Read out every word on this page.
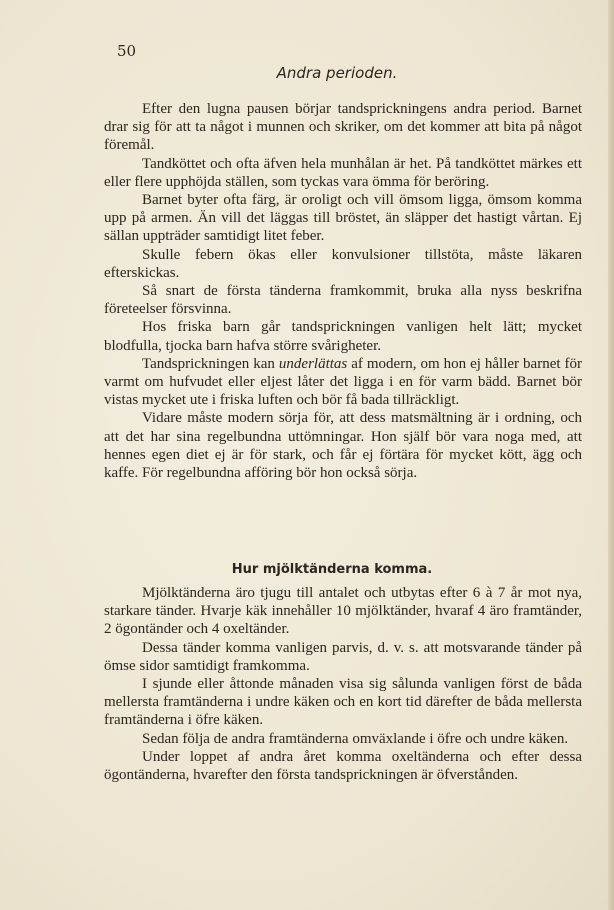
50
Andra perioden.

Efter den lugna pausen börjar tandsprickningens andra period. Barnet drar sig för att ta något i munnen och skriker, om det kommer att bita på något föremål.

Tandköttet och ofta äfven hela munhålan är het. På tandköttet märkes ett eller flere upphöjda ställen, som tyckas vara ömma för beröring.

Barnet byter ofta färg, är oroligt och vill ömsom ligga, ömsom komma upp på armen. Än vill det läggas till bröstet, än släpper det hastigt vårtan. Ej sällan uppträder samtidigt litet feber.

Skulle febern ökas eller konvulsioner tillstöta, måste läkaren efterskickas.

Så snart de första tänderna framkommit, bruka alla nyss beskrifna företeelser försvinna.

Hos friska barn går tandsprickningen vanligen helt lätt; mycket blodfulla, tjocka barn hafva större svårigheter.

Tandsprickningen kan underlättas af modern, om hon ej håller barnet för varmt om hufvudet eller eljest låter det ligga i en för varm bädd. Barnet bör vistas mycket ute i friska luften och bör få bada tillräckligt.

Vidare måste modern sörja för, att dess matsmältning är i ordning, och att det har sina regelbundna uttömningar. Hon själf bör vara noga med, att hennes egen diet ej är för stark, och får ej förtära för mycket kött, ägg och kaffe. För regelbundna afföring bör hon också sörja.

Hur mjölktänderna komma.

Mjölktänderna äro tjugu till antalet och utbytas efter 6 à 7 år mot nya, starkare tänder. Hvarje käk innehåller 10 mjölktänder, hvaraf 4 äro framtänder, 2 ögontänder och 4 oxeltänder.

Dessa tänder komma vanligen parvis, d. v. s. att motsvarande tänder på ömse sidor samtidigt framkomma.

I sjunde eller åttonde månaden visa sig sålunda vanligen först de båda mellersta framtänderna i undre käken och en kort tid därefter de båda mellersta framtänderna i öfre käken.

Sedan följa de andra framtänderna omväxlande i öfre och undre käken.

Under loppet af andra året komma oxeltänderna och efter dessa ögontänderna, hvarefter den första tandsprickningen är öfverstånden.
